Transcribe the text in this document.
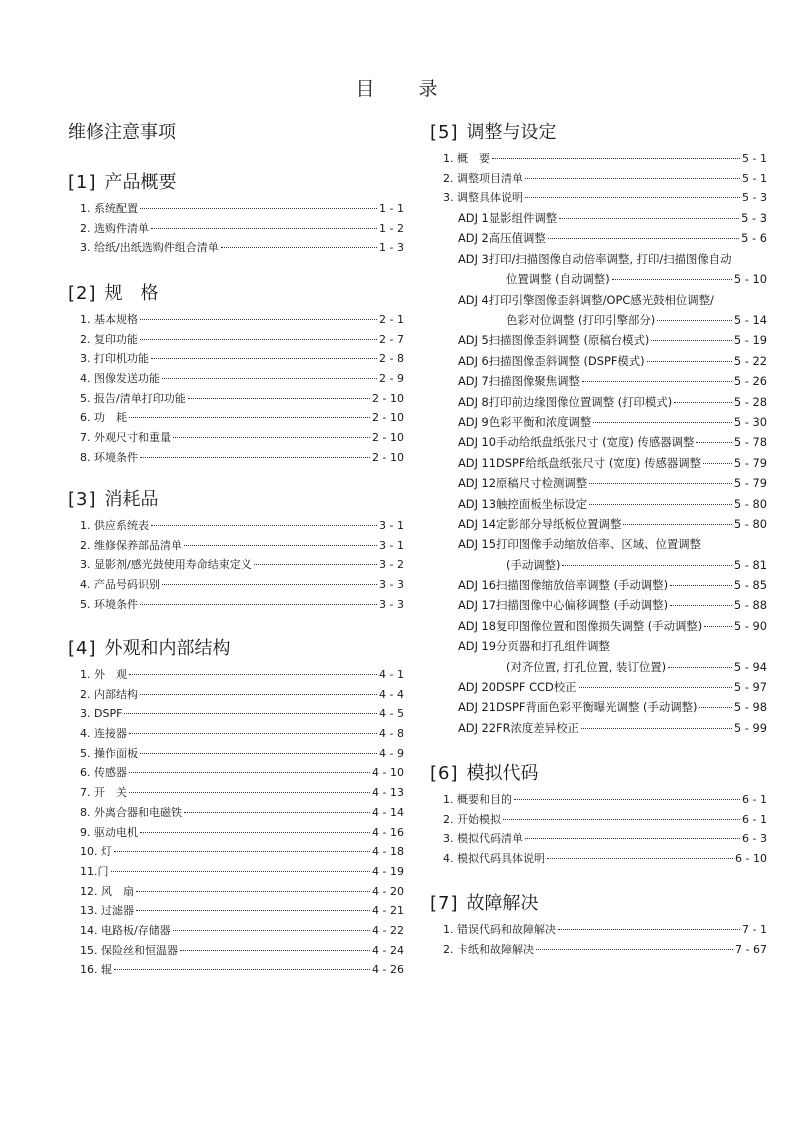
目 录
维修注意事项
[1] 产品概要
1. 系统配置	1 - 1
2. 选购件清单	1 - 2
3. 给纸/出纸选购件组合清单	1 - 3
[2] 规　格
1. 基本规格	2 - 1
2. 复印功能	2 - 7
3. 打印机功能	2 - 8
4. 图像发送功能	2 - 9
5. 报告/清单打印功能	2 - 10
6. 功　耗	2 - 10
7. 外观尺寸和重量	2 - 10
8. 环境条件	2 - 10
[3] 消耗品
1. 供应系统表	3 - 1
2. 维修保养部品清单	3 - 1
3. 显影剂/感光鼓使用寿命结束定义	3 - 2
4. 产品号码识别	3 - 3
5. 环境条件	3 - 3
[4] 外观和内部结构
1. 外　观	4 - 1
2. 内部结构	4 - 4
3. DSPF	4 - 5
4. 连接器	4 - 8
5. 操作面板	4 - 9
6. 传感器	4 - 10
7. 开　关	4 - 13
8. 外离合器和电磁铁	4 - 14
9. 驱动电机	4 - 16
10. 灯	4 - 18
11.门	4 - 19
12. 风　扇	4 - 20
13. 过滤器	4 - 21
14. 电路板/存储器	4 - 22
15. 保险丝和恒温器	4 - 24
16. 辊	4 - 26
[5] 调整与设定
1. 概　要	5 - 1
2. 调整项目清单	5 - 1
3. 调整具体说明	5 - 3
ADJ 1显影组件调整	5 - 3
ADJ 2高压值调整	5 - 6
ADJ 3打印/扫描图像自动倍率调整, 打印/扫描图像自动
位置调整 (自动调整)	5 - 10
ADJ 4打印引擎图像歪斜调整/OPC感光鼓相位调整/
色彩对位调整 (打印引擎部分)	5 - 14
ADJ 5扫描图像歪斜调整 (原稿台模式)	5 - 19
ADJ 6扫描图像歪斜调整 (DSPF模式)	5 - 22
ADJ 7扫描图像聚焦调整	5 - 26
ADJ 8打印前边缘图像位置调整 (打印模式)	5 - 28
ADJ 9色彩平衡和浓度调整	5 - 30
ADJ 10手动给纸盘纸张尺寸 (宽度) 传感器调整	5 - 78
ADJ 11DSPF给纸盘纸张尺寸 (宽度) 传感器调整	5 - 79
ADJ 12原稿尺寸检测调整	5 - 79
ADJ 13触控面板坐标设定	5 - 80
ADJ 14定影部分导纸板位置调整	5 - 80
ADJ 15打印图像手动缩放倍率、区域、位置调整
(手动调整)	5 - 81
ADJ 16扫描图像缩放倍率调整 (手动调整)	5 - 85
ADJ 17扫描图像中心偏移调整 (手动调整)	5 - 88
ADJ 18复印图像位置和图像损失调整 (手动调整)	5 - 90
ADJ 19分页器和打孔组件调整
(对齐位置, 打孔位置, 装订位置)	5 - 94
ADJ 20DSPF CCD校正	5 - 97
ADJ 21DSPF背面色彩平衡曝光调整 (手动调整)	5 - 98
ADJ 22FR浓度差异校正	5 - 99
[6] 模拟代码
1. 概要和目的	6 - 1
2. 开始模拟	6 - 1
3. 模拟代码清单	6 - 3
4. 模拟代码具体说明	6 - 10
[7] 故障解决
1. 错误代码和故障解决	7 - 1
2. 卡纸和故障解决	7 - 67
